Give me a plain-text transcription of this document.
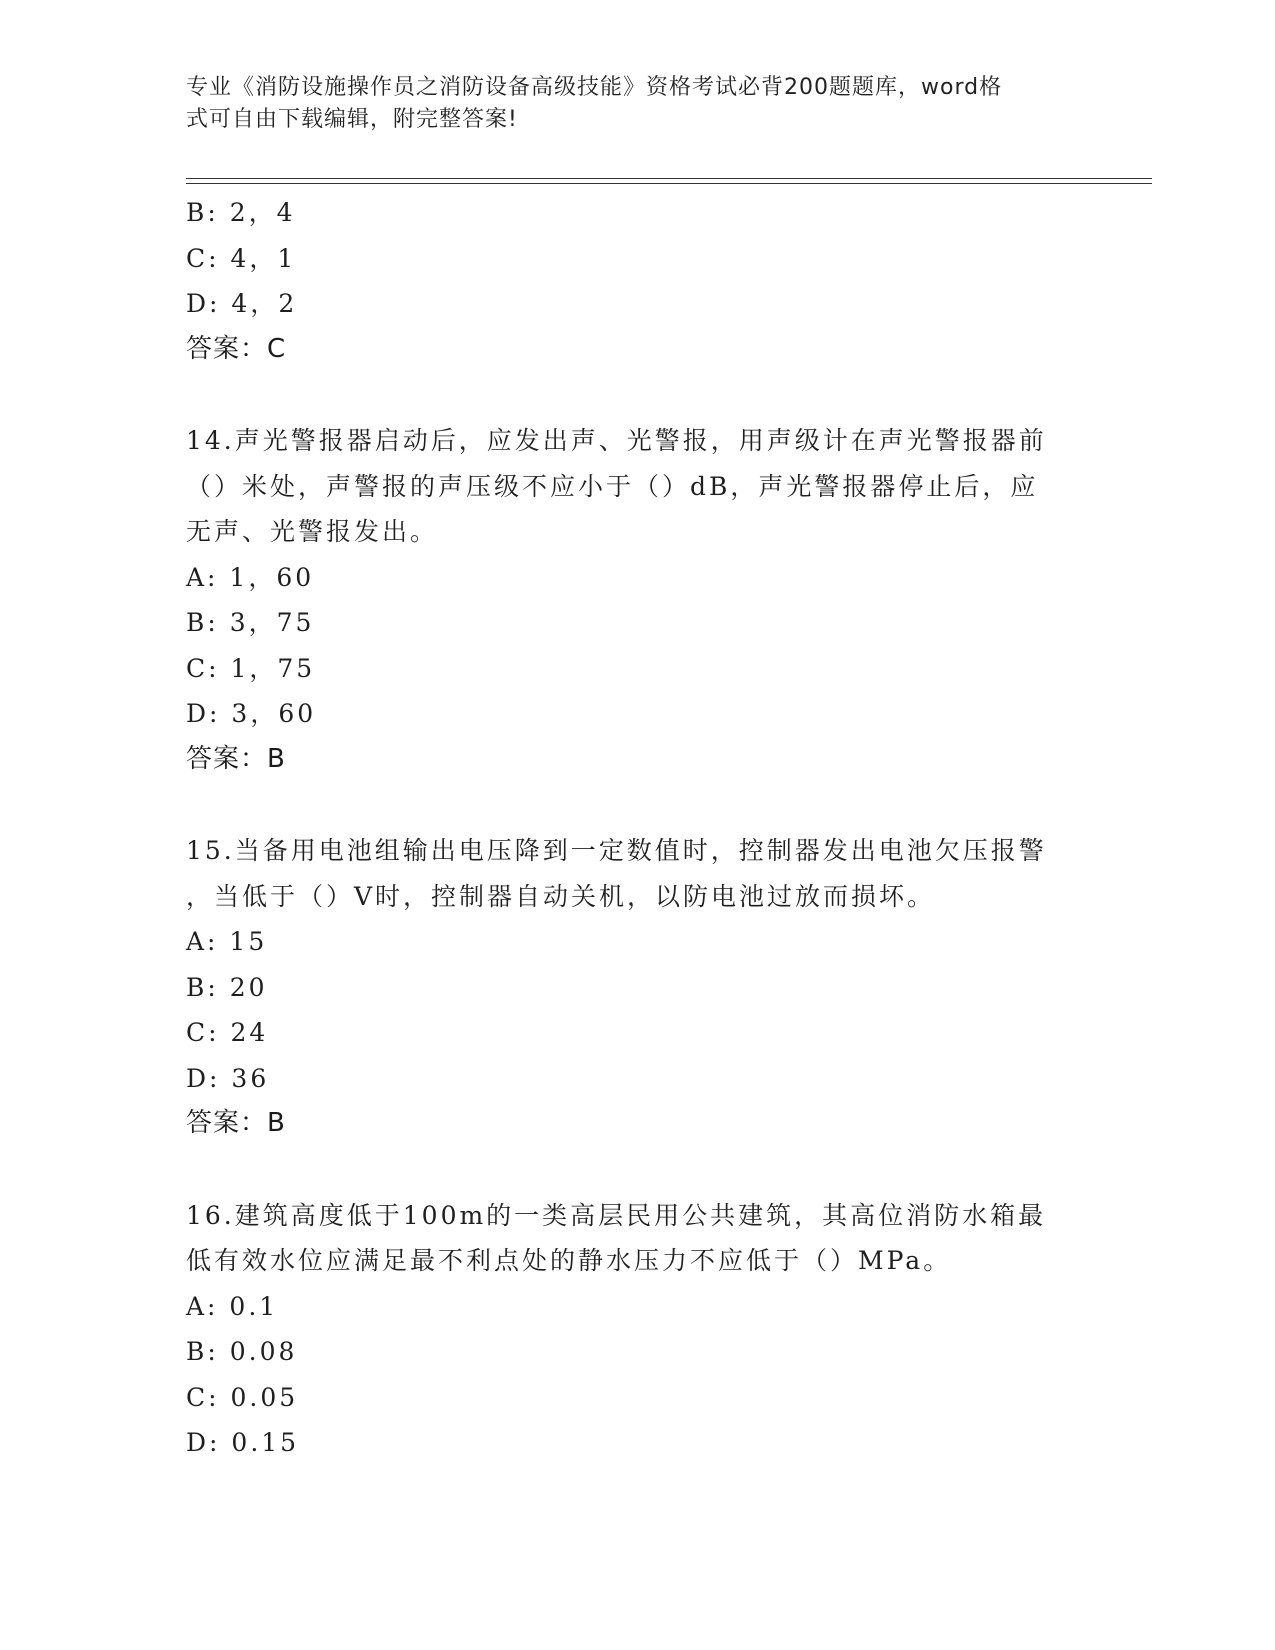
专业《消防设施操作员之消防设备高级技能》资格考试必背200题题库，word格
式可自由下载编辑，附完整答案!
B: 2，4
C: 4，1
D: 4，2
答案：C
14.声光警报器启动后，应发出声、光警报，用声级计在声光警报器前
（）米处，声警报的声压级不应小于（）dB，声光警报器停止后，应
无声、光警报发出。
A: 1，60
B: 3，75
C: 1，75
D: 3，60
答案：B
15.当备用电池组输出电压降到一定数值时，控制器发出电池欠压报警
，当低于（）V时，控制器自动关机，以防电池过放而损坏。
A: 15
B: 20
C: 24
D: 36
答案：B
16.建筑高度低于100m的一类高层民用公共建筑，其高位消防水箱最
低有效水位应满足最不利点处的静水压力不应低于（）MPa。
A: 0.1
B: 0.08
C: 0.05
D: 0.15
